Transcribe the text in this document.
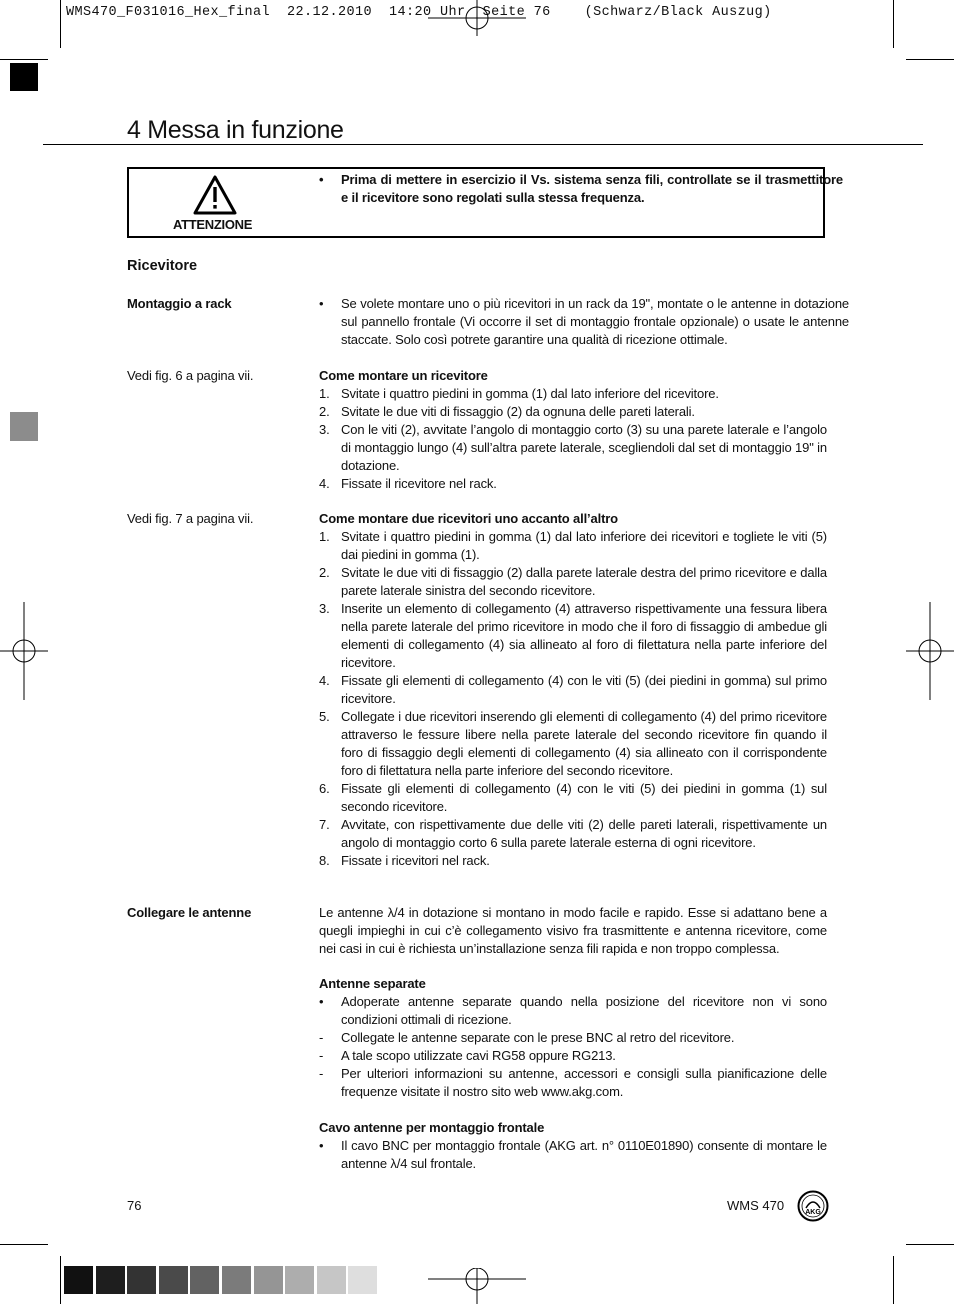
WMS470_F031016_Hex_final  22.12.2010  14:20 Uhr  Seite 76    (Schwarz/Black Auszug)
4 Messa in funzione
ATTENZIONE
• Prima di mettere in esercizio il Vs. sistema senza fili, controllate se il trasmettitore e il ricevitore sono regolati sulla stessa frequenza.
Ricevitore
Montaggio a rack	• Se volete montare uno o più ricevitori in un rack da 19", montate o le antenne in dotazione sul pannello frontale (Vi occorre il set di montaggio frontale opzionale) o usate le antenne staccate. Solo così potrete garantire una qualità di ricezione ottimale.
Vedi fig. 6 a pagina vii.	Come montare un ricevitore
1. Svitate i quattro piedini in gomma (1) dal lato inferiore del ricevitore.
2. Svitate le due viti di fissaggio (2) da ognuna delle pareti laterali.
3. Con le viti (2), avvitate l’angolo di montaggio corto (3) su una parete laterale e l’angolo di montaggio lungo (4) sull’altra parete laterale, scegliendoli dal set di montaggio 19" in dotazione.
4. Fissate il ricevitore nel rack.
Vedi fig. 7 a pagina vii.	Come montare due ricevitori uno accanto all’altro
1. Svitate i quattro piedini in gomma (1) dal lato inferiore dei ricevitori e togliete le viti (5) dai piedini in gomma (1).
2. Svitate le due viti di fissaggio (2) dalla parete laterale destra del primo ricevitore e dalla parete laterale sinistra del secondo ricevitore.
3. Inserite un elemento di collegamento (4) attraverso rispettivamente una fessura libera nella parete laterale del primo ricevitore in modo che il foro di fissaggio di ambedue gli elementi di collegamento (4) sia allineato al foro di filettatura nella parte inferiore del ricevitore.
4. Fissate gli elementi di collegamento (4) con le viti (5) (dei piedini in gomma) sul primo ricevitore.
5. Collegate i due ricevitori inserendo gli elementi di collegamento (4) del primo ricevitore attraverso le fessure libere nella parete laterale del secondo ricevitore fin quando il foro di fissaggio degli elementi di collegamento (4) sia allineato con il corrispondente foro di filettatura nella parte inferiore del secondo ricevitore.
6. Fissate gli elementi di collegamento (4) con le viti (5) dei piedini in gomma (1) sul secondo ricevitore.
7. Avvitate, con rispettivamente due delle viti (2) delle pareti laterali, rispettivamente un angolo di montaggio corto 6 sulla parete laterale esterna di ogni ricevitore.
8. Fissate i ricevitori nel rack.
Collegare le antenne	Le antenne λ/4 in dotazione si montano in modo facile e rapido. Esse si adattano bene a quegli impieghi in cui c’è collegamento visivo fra trasmittente e antenna ricevitore, come nei casi in cui è richiesta un’installazione senza fili rapida e non troppo complessa.
Antenne separate
• Adoperate antenne separate quando nella posizione del ricevitore non vi sono condizioni ottimali di ricezione.
- Collegate le antenne separate con le prese BNC al retro del ricevitore.
- A tale scopo utilizzate cavi RG58 oppure RG213.
- Per ulteriori informazioni su antenne, accessori e consigli sulla pianificazione delle frequenze visitate il nostro sito web www.akg.com.
Cavo antenne per montaggio frontale
• Il cavo BNC per montaggio frontale (AKG art. n° 0110E01890) consente di montare le antenne λ/4 sul frontale.
76	WMS 470	AKG
